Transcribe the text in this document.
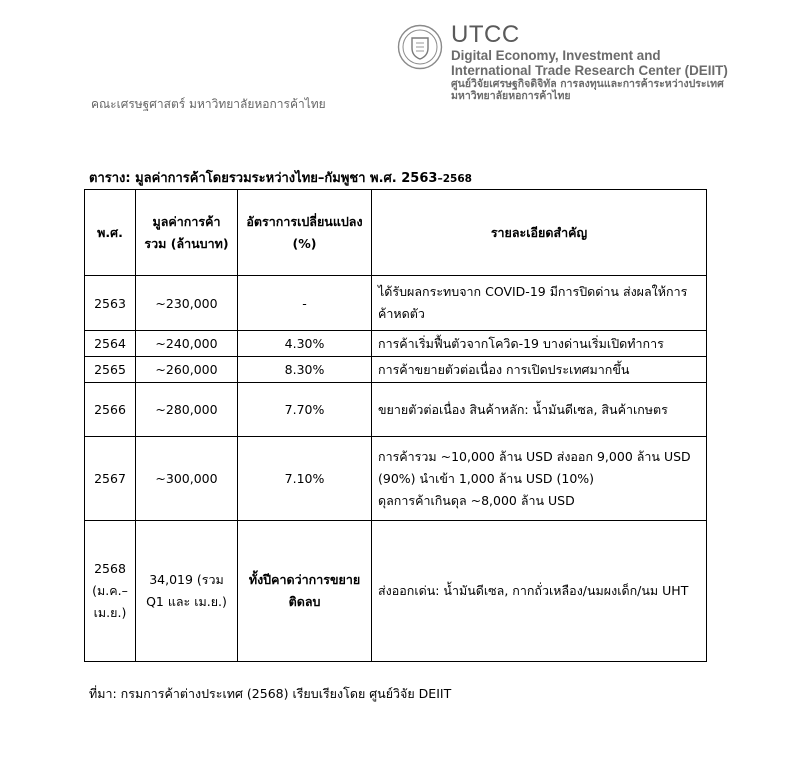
UTCC
Digital Economy, Investment and
International Trade Research Center (DEIIT)
ศูนย์วิจัยเศรษฐกิจดิจิทัล การลงทุนและการค้าระหว่างประเทศ
มหาวิทยาลัยหอการค้าไทย
คณะเศรษฐศาสตร์ มหาวิทยาลัยหอการค้าไทย
ตาราง: มูลค่าการค้าโดยรวมระหว่างไทย–กัมพูชา พ.ศ. 2563–2568
พ.ศ.	มูลค่าการค้ารวม (ล้านบาท)	อัตราการเปลี่ยนแปลง (%)	รายละเอียดสำคัญ
2563	~230,000	-	ได้รับผลกระทบจาก COVID-19 มีการปิดด่าน ส่งผลให้การค้าหดตัว
2564	~240,000	4.30%	การค้าเริ่มฟื้นตัวจากโควิด-19 บางด่านเริ่มเปิดทำการ
2565	~260,000	8.30%	การค้าขยายตัวต่อเนื่อง การเปิดประเทศมากขึ้น
2566	~280,000	7.70%	ขยายตัวต่อเนื่อง สินค้าหลัก: น้ำมันดีเซล, สินค้าเกษตร
2567	~300,000	7.10%	การค้ารวม ~10,000 ล้าน USD ส่งออก 9,000 ล้าน USD (90%) นำเข้า 1,000 ล้าน USD (10%)
ดุลการค้าเกินดุล ~8,000 ล้าน USD

2568 (ม.ค.–เม.ย.)	34,019 (รวม Q1 และ เม.ย.)	ทั้งปีคาดว่าการขยายติดลบ	ส่งออกเด่น: น้ำมันดีเซล, กากถั่วเหลือง/นมผงเด็ก/นม UHT
ที่มา: กรมการค้าต่างประเทศ (2568) เรียบเรียงโดย ศูนย์วิจัย DEIIT
